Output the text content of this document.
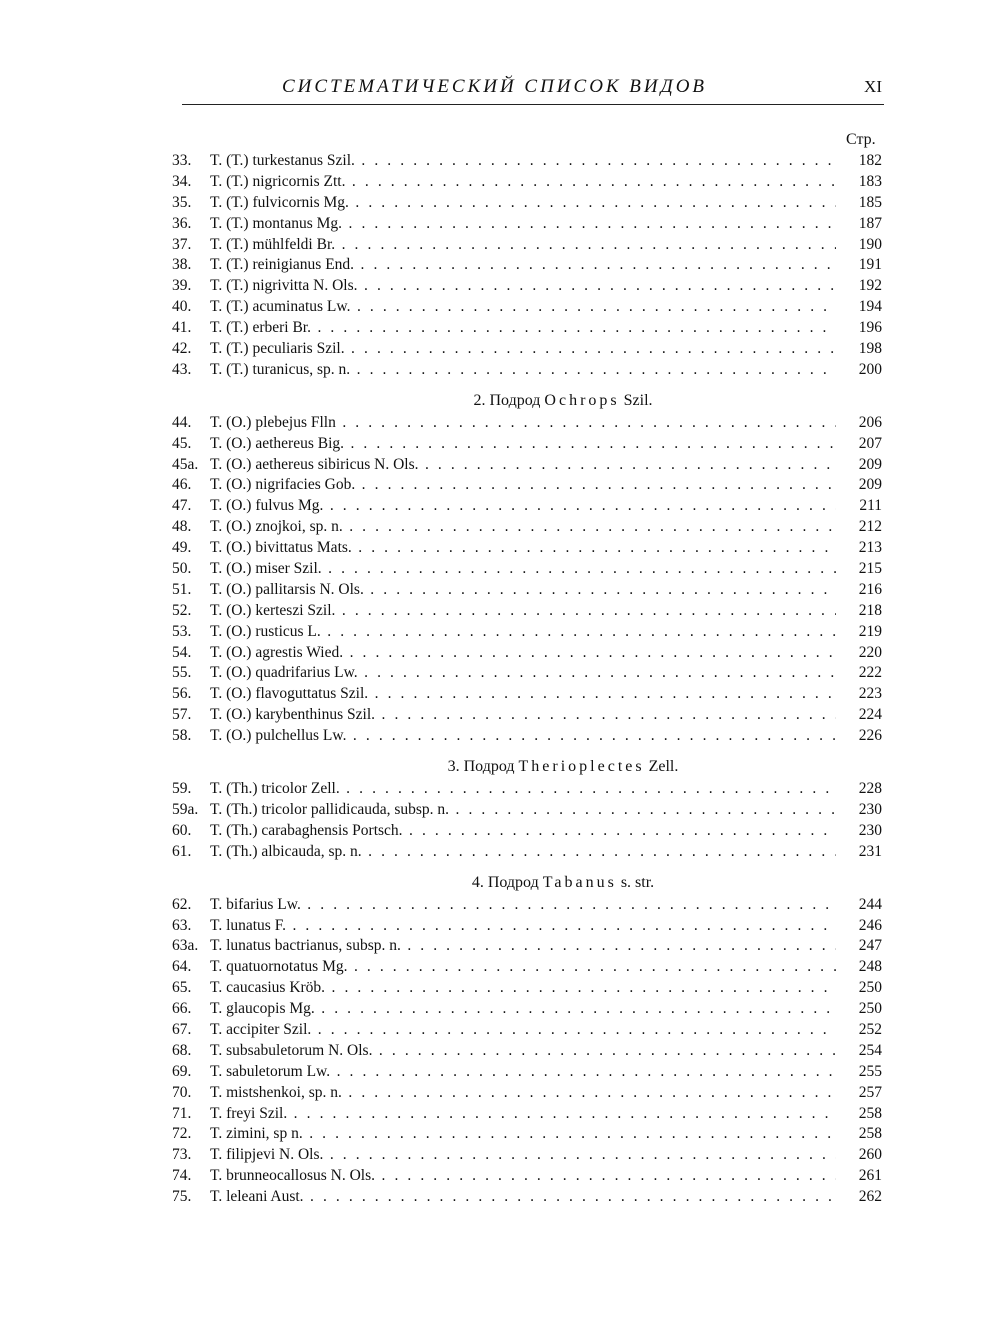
СИСТЕМАТИЧЕСКИЙ СПИСОК ВИДОВ	XI
Стр.
33.	T. (T.) turkestanus Szil. . . .	182
34.	T. (T.) nigricornis Ztt. . . .	183
35.	T. (T.) fulvicornis Mg. . . .	185
36.	T. (T.) montanus Mg. . . .	187
37.	T. (T.) mühlfeldi Br. . . .	190
38.	T. (T.) reinigianus End. . . .	191
39.	T. (T.) nigrivitta N. Ols. . . .	192
40.	T. (T.) acuminatus Lw. . . .	194
41.	T. (T.) erberi Br. . . .	196
42.	T. (T.) peculiaris Szil. . . .	198
43.	T. (T.) turanicus, sp. n. . . .	200
2. Подрод Ochrops Szil.
44.	T. (O.) plebejus Flln . . .	206
45.	T. (O.) aethereus Big. . . .	207
45a. T. (O.) aethereus sibiricus N. Ols. . . .	209
46.	T. (O.) nigrifacies Gob. . . .	209
47.	T. (O.) fulvus Mg. . . .	211
48.	T. (O.) znojkoi, sp. n. . . .	212
49.	T. (O.) bivittatus Mats. . . .	213
50.	T. (O.) miser Szil. . . .	215
51.	T. (O.) pallitarsis N. Ols. . . .	216
52.	T. (O.) kerteszi Szil. . . .	218
53.	T. (O.) rusticus L. . . .	219
54.	T. (O.) agrestis Wied. . . .	220
55.	T. (O.) quadrifarius Lw. . . .	222
56.	T. (O.) flavoguttatus Szil. . . .	223
57.	T. (O.) karybenthinus Szil. . . .	224
58.	T. (O.) pulchellus Lw. . . .	226
3. Подрод Therioplectes Zell.
59.	T. (Th.) tricolor Zell. . . .	228
59a. T. (Th.) tricolor pallidicauda, subsp. n. . . .	230
60.	T. (Th.) carabaghensis Portsch. . . .	230
61.	T. (Th.) albicauda, sp. n. . . .	231
4. Подрод Tabanus s. str.
62.	T. bifarius Lw. . . .	244
63.	T. lunatus F. . . .	246
63a. T. lunatus bactrianus, subsp. n. . . .	247
64.	T. quatuornotatus Mg. . . .	248
65.	T. caucasius Kröb. . . .	250
66.	T. glaucopis Mg. . . .	250
67.	T. accipiter Szil. . . .	252
68.	T. subsabuletorum N. Ols. . . .	254
69.	T. sabuletorum Lw. . . .	255
70.	T. mistshenkoi, sp. n. . . .	257
71.	T. freyi Szil. . . .	258
72.	T. zimini, sp n. . . .	258
73.	T. filipjevi N. Ols. . . .	260
74.	T. brunneocallosus N. Ols. . . .	261
75.	T. leleani Aust. . . .	262
